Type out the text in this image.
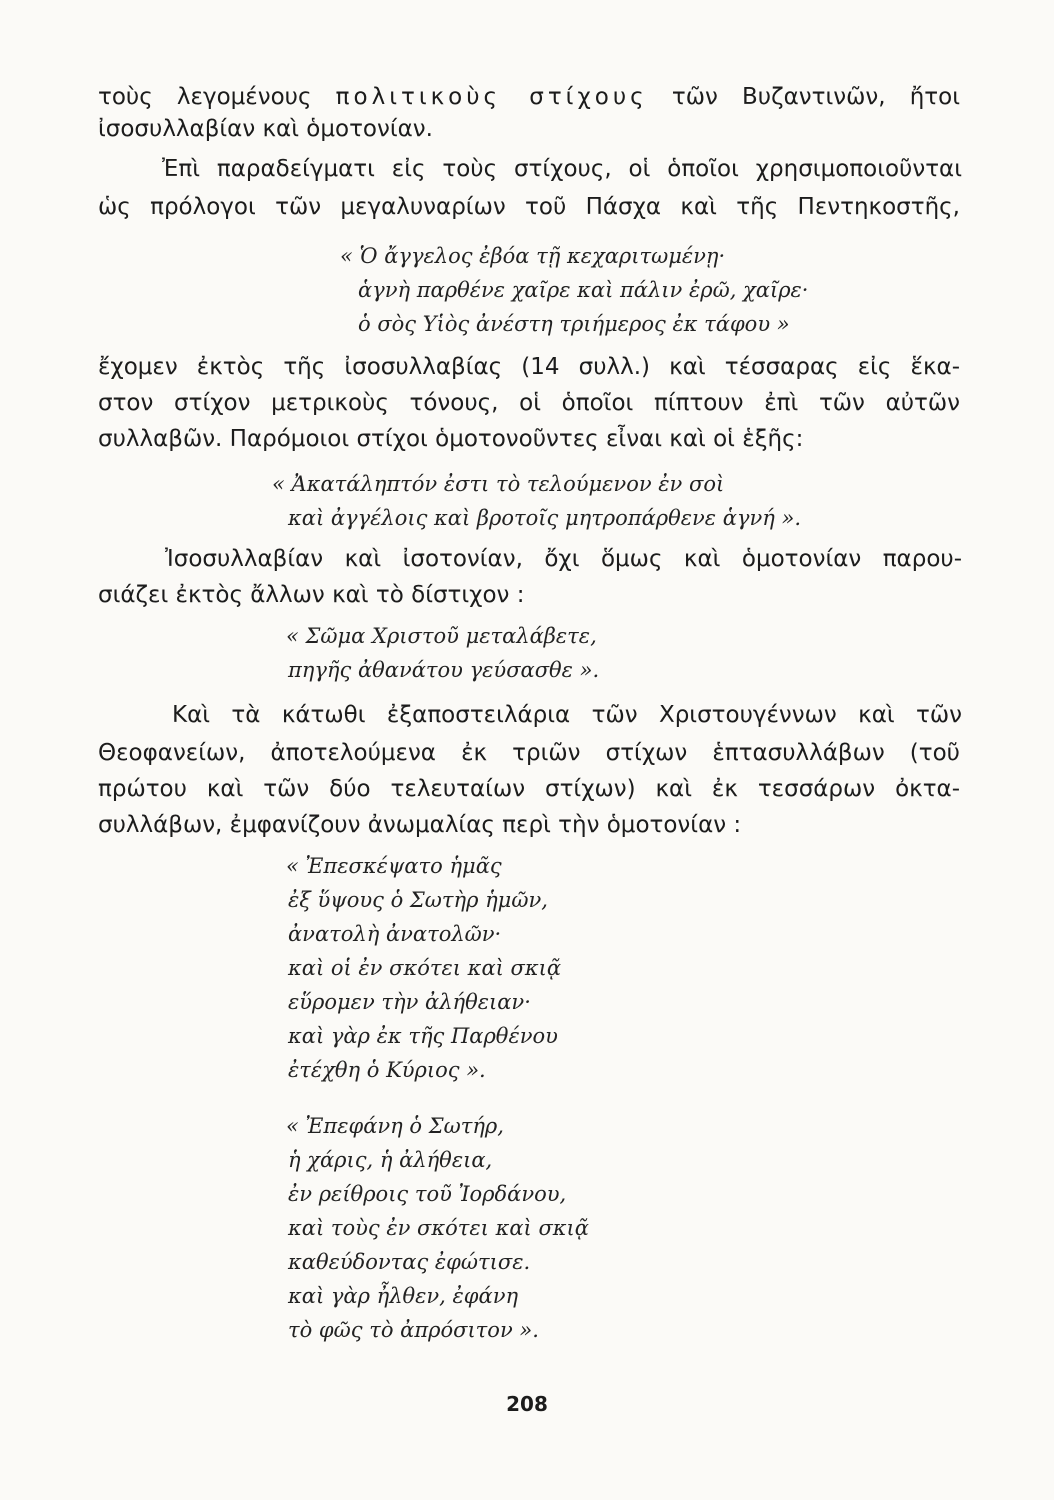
τοὺς λεγομένους πολιτικοὺς στίχους τῶν Βυζαντινῶν, ἤτοι
ἰσοσυλλαβίαν καὶ ὁμοτονίαν.
Ἐπὶ παραδείγματι εἰς τοὺς στίχους, οἱ ὁποῖοι χρησιμοποιοῦνται
ὡς πρόλογοι τῶν μεγαλυναρίων τοῦ Πάσχα καὶ τῆς Πεντηκοστῆς,
« Ὁ ἄγγελος ἐβόα τῇ κεχαριτωμένῃ·
ἁγνὴ παρθένε χαῖρε καὶ πάλιν ἐρῶ, χαῖρε·
ὁ σὸς Υἱὸς ἀνέστη τριήμερος ἐκ τάφου »
ἔχομεν ἐκτὸς τῆς ἰσοσυλλαβίας (14 συλλ.) καὶ τέσσαρας εἰς ἕκα-
στον στίχον μετρικοὺς τόνους, οἱ ὁποῖοι πίπτουν ἐπὶ τῶν αὐτῶν
συλλαβῶν. Παρόμοιοι στίχοι ὁμοτονοῦντες εἶναι καὶ οἱ ἑξῆς:
« Ἀκατάληπτόν ἐστι τὸ τελούμενον ἐν σοὶ
καὶ ἀγγέλοις καὶ βροτοῖς μητροπάρθενε ἁγνή ».
Ἰσοσυλλαβίαν καὶ ἰσοτονίαν, ὄχι ὅμως καὶ ὁμοτονίαν παρου-
σιάζει ἐκτὸς ἄλλων καὶ τὸ δίστιχον :
« Σῶμα Χριστοῦ μεταλάβετε,
πηγῆς ἀθανάτου γεύσασθε ».
Καὶ τὰ κάτωθι ἐξαποστειλάρια τῶν Χριστουγέννων καὶ τῶν
Θεοφανείων, ἀποτελούμενα ἐκ τριῶν στίχων ἑπτασυλλάβων (τοῦ
πρώτου καὶ τῶν δύο τελευταίων στίχων) καὶ ἐκ τεσσάρων ὀκτα-
συλλάβων, ἐμφανίζουν ἀνωμαλίας περὶ τὴν ὁμοτονίαν :
« Ἐπεσκέψατο ἡμᾶς
ἐξ ὕψους ὁ Σωτὴρ ἡμῶν,
ἀνατολὴ ἀνατολῶν·
καὶ οἱ ἐν σκότει καὶ σκιᾷ
εὕρομεν τὴν ἀλήθειαν·
καὶ γὰρ ἐκ τῆς Παρθένου
ἐτέχθη ὁ Κύριος ».
« Ἐπεφάνη ὁ Σωτήρ,
ἡ χάρις, ἡ ἀλήθεια,
ἐν ρείθροις τοῦ Ἰορδάνου,
καὶ τοὺς ἐν σκότει καὶ σκιᾷ
καθεύδοντας ἐφώτισε.
καὶ γὰρ ἦλθεν, ἐφάνη
τὸ φῶς τὸ ἀπρόσιτον ».
208
